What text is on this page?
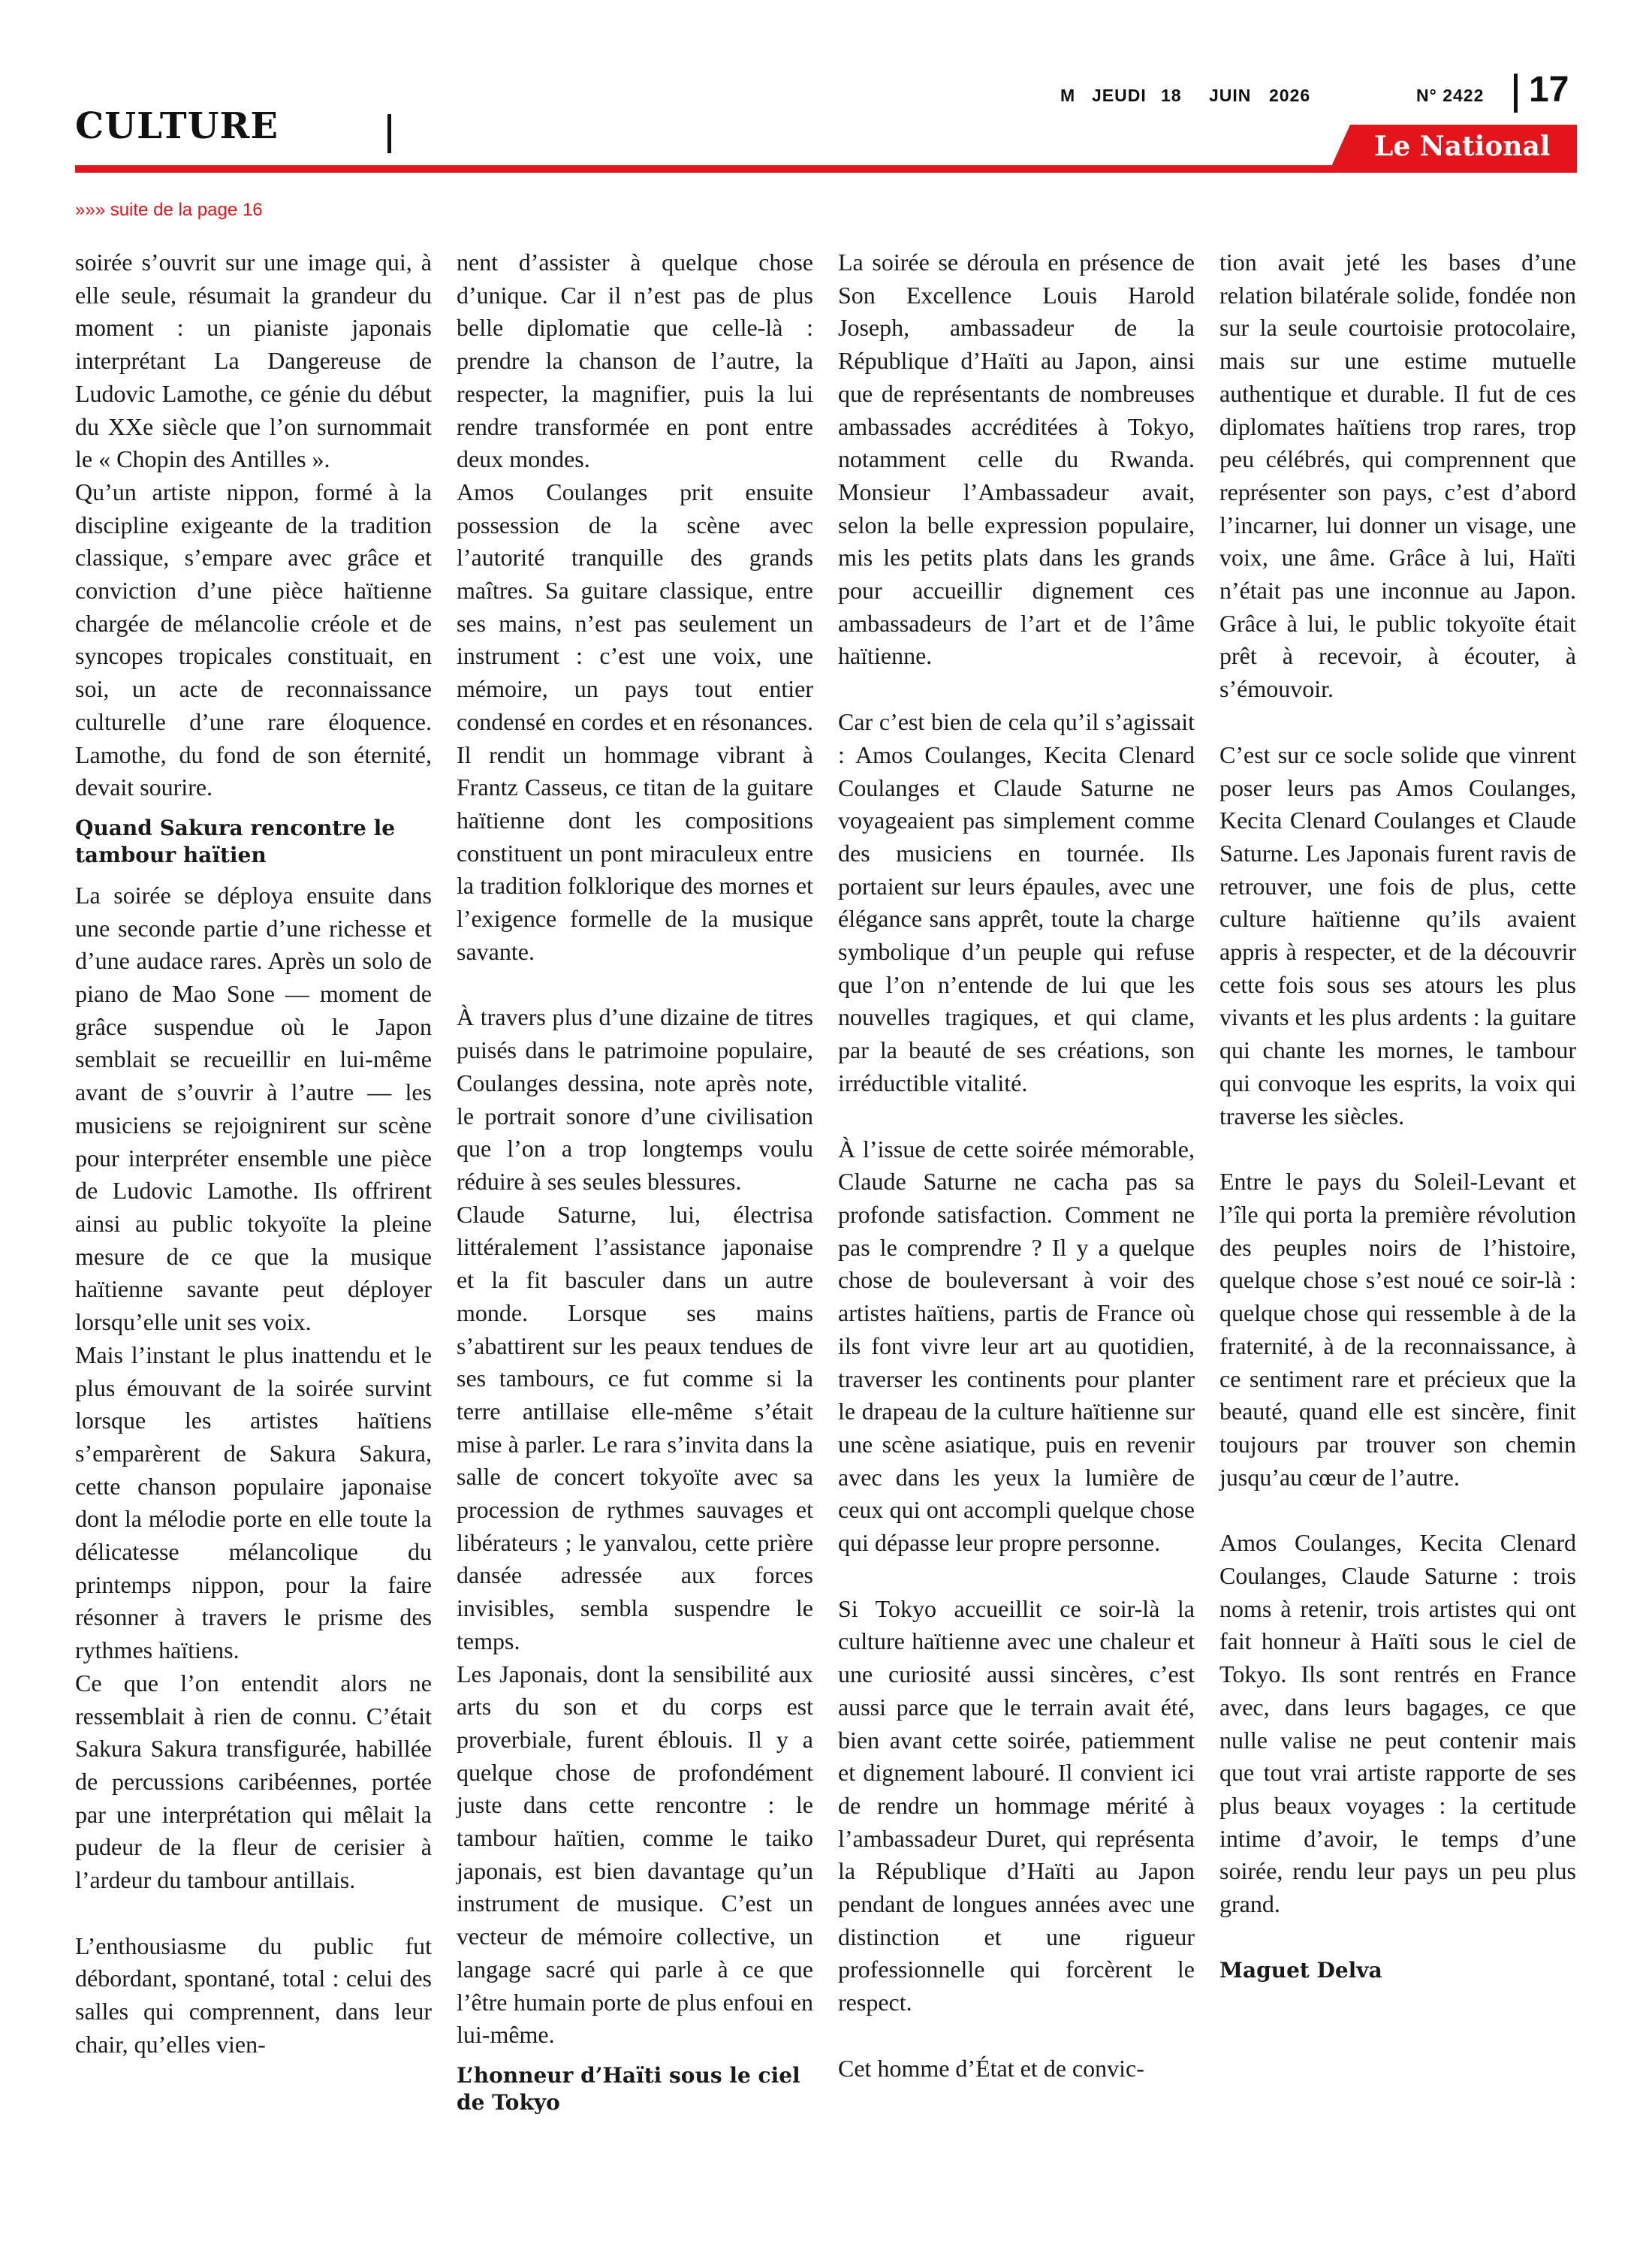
CULTURE
M JEUDI 18 JUIN 2026	N° 2422 17
Le National
»»» suite de la page 16

soirée s’ouvrit sur une image qui, à elle seule, résumait la grandeur du moment : un pianiste japonais interprétant La Dangereuse de Ludovic Lamothe, ce génie du début du XXe siècle que l’on surnommait le « Chopin des Antilles ».

Qu’un artiste nippon, formé à la discipline exigeante de la tradition classique, s’empare avec grâce et conviction d’une pièce haïtienne chargée de mélancolie créole et de syncopes tropicales constituait, en soi, un acte de reconnaissance culturelle d’une rare éloquence. Lamothe, du fond de son éternité, devait sourire.

Quand Sakura rencontre le tambour haïtien

La soirée se déploya ensuite dans une seconde partie d’une richesse et d’une audace rares. Après un solo de piano de Mao Sone — moment de grâce suspendue où le Japon semblait se recueillir en lui-même avant de s’ouvrir à l’autre — les musiciens se rejoignirent sur scène pour interpréter ensemble une pièce de Ludovic Lamothe. Ils offrirent ainsi au public tokyoïte la pleine mesure de ce que la musique haïtienne savante peut déployer lorsqu’elle unit ses voix.

Mais l’instant le plus inattendu et le plus émouvant de la soirée survint lorsque les artistes haïtiens s’emparèrent de Sakura Sakura, cette chanson populaire japonaise dont la mélodie porte en elle toute la délicatesse mélancolique du printemps nippon, pour la faire résonner à travers le prisme des rythmes haïtiens.

Ce que l’on entendit alors ne ressemblait à rien de connu. C’était Sakura Sakura transfigurée, habillée de percussions caribéennes, portée par une interprétation qui mêlait la pudeur de la fleur de cerisier à l’ardeur du tambour antillais.

L’enthousiasme du public fut débordant, spontané, total : celui des salles qui comprennent, dans leur chair, qu’elles vien-

nent d’assister à quelque chose d’unique. Car il n’est pas de plus belle diplomatie que celle-là : prendre la chanson de l’autre, la respecter, la magnifier, puis la lui rendre transformée en pont entre deux mondes.

Amos Coulanges prit ensuite possession de la scène avec l’autorité tranquille des grands maîtres. Sa guitare classique, entre ses mains, n’est pas seulement un instrument : c’est une voix, une mémoire, un pays tout entier condensé en cordes et en résonances. Il rendit un hommage vibrant à Frantz Casseus, ce titan de la guitare haïtienne dont les compositions constituent un pont miraculeux entre la tradition folklorique des mornes et l’exigence formelle de la musique savante.

À travers plus d’une dizaine de titres puisés dans le patrimoine populaire, Coulanges dessina, note après note, le portrait sonore d’une civilisation que l’on a trop longtemps voulu réduire à ses seules blessures.

Claude Saturne, lui, électrisa littéralement l’assistance japonaise et la fit basculer dans un autre monde. Lorsque ses mains s’abattirent sur les peaux tendues de ses tambours, ce fut comme si la terre antillaise elle-même s’était mise à parler. Le rara s’invita dans la salle de concert tokyoïte avec sa procession de rythmes sauvages et libérateurs ; le yanvalou, cette prière dansée adressée aux forces invisibles, sembla suspendre le temps.

Les Japonais, dont la sensibilité aux arts du son et du corps est proverbiale, furent éblouis. Il y a quelque chose de profondément juste dans cette rencontre : le tambour haïtien, comme le taiko japonais, est bien davantage qu’un instrument de musique. C’est un vecteur de mémoire collective, un langage sacré qui parle à ce que l’être humain porte de plus enfoui en lui-même.

L’honneur d’Haïti sous le ciel de Tokyo

La soirée se déroula en présence de Son Excellence Louis Harold Joseph, ambassadeur de la République d’Haïti au Japon, ainsi que de représentants de nombreuses ambassades accréditées à Tokyo, notamment celle du Rwanda. Monsieur l’Ambassadeur avait, selon la belle expression populaire, mis les petits plats dans les grands pour accueillir dignement ces ambassadeurs de l’art et de l’âme haïtienne.

Car c’est bien de cela qu’il s’agissait : Amos Coulanges, Kecita Clenard Coulanges et Claude Saturne ne voyageaient pas simplement comme des musiciens en tournée. Ils portaient sur leurs épaules, avec une élégance sans apprêt, toute la charge symbolique d’un peuple qui refuse que l’on n’entende de lui que les nouvelles tragiques, et qui clame, par la beauté de ses créations, son irréductible vitalité.

À l’issue de cette soirée mémorable, Claude Saturne ne cacha pas sa profonde satisfaction. Comment ne pas le comprendre ? Il y a quelque chose de bouleversant à voir des artistes haïtiens, partis de France où ils font vivre leur art au quotidien, traverser les continents pour planter le drapeau de la culture haïtienne sur une scène asiatique, puis en revenir avec dans les yeux la lumière de ceux qui ont accompli quelque chose qui dépasse leur propre personne.

Si Tokyo accueillit ce soir-là la culture haïtienne avec une chaleur et une curiosité aussi sincères, c’est aussi parce que le terrain avait été, bien avant cette soirée, patiemment et dignement labouré. Il convient ici de rendre un hommage mérité à l’ambassadeur Duret, qui représenta la République d’Haïti au Japon pendant de longues années avec une distinction et une rigueur professionnelle qui forcèrent le respect.

Cet homme d’État et de convic-

tion avait jeté les bases d’une relation bilatérale solide, fondée non sur la seule courtoisie protocolaire, mais sur une estime mutuelle authentique et durable. Il fut de ces diplomates haïtiens trop rares, trop peu célébrés, qui comprennent que représenter son pays, c’est d’abord l’incarner, lui donner un visage, une voix, une âme. Grâce à lui, Haïti n’était pas une inconnue au Japon. Grâce à lui, le public tokyoïte était prêt à recevoir, à écouter, à s’émouvoir.

C’est sur ce socle solide que vinrent poser leurs pas Amos Coulanges, Kecita Clenard Coulanges et Claude Saturne. Les Japonais furent ravis de retrouver, une fois de plus, cette culture haïtienne qu’ils avaient appris à respecter, et de la découvrir cette fois sous ses atours les plus vivants et les plus ardents : la guitare qui chante les mornes, le tambour qui convoque les esprits, la voix qui traverse les siècles.

Entre le pays du Soleil-Levant et l’île qui porta la première révolution des peuples noirs de l’histoire, quelque chose s’est noué ce soir-là : quelque chose qui ressemble à de la fraternité, à de la reconnaissance, à ce sentiment rare et précieux que la beauté, quand elle est sincère, finit toujours par trouver son chemin jusqu’au cœur de l’autre.

Amos Coulanges, Kecita Clenard Coulanges, Claude Saturne : trois noms à retenir, trois artistes qui ont fait honneur à Haïti sous le ciel de Tokyo. Ils sont rentrés en France avec, dans leurs bagages, ce que nulle valise ne peut contenir mais que tout vrai artiste rapporte de ses plus beaux voyages : la certitude intime d’avoir, le temps d’une soirée, rendu leur pays un peu plus grand.

Maguet Delva
